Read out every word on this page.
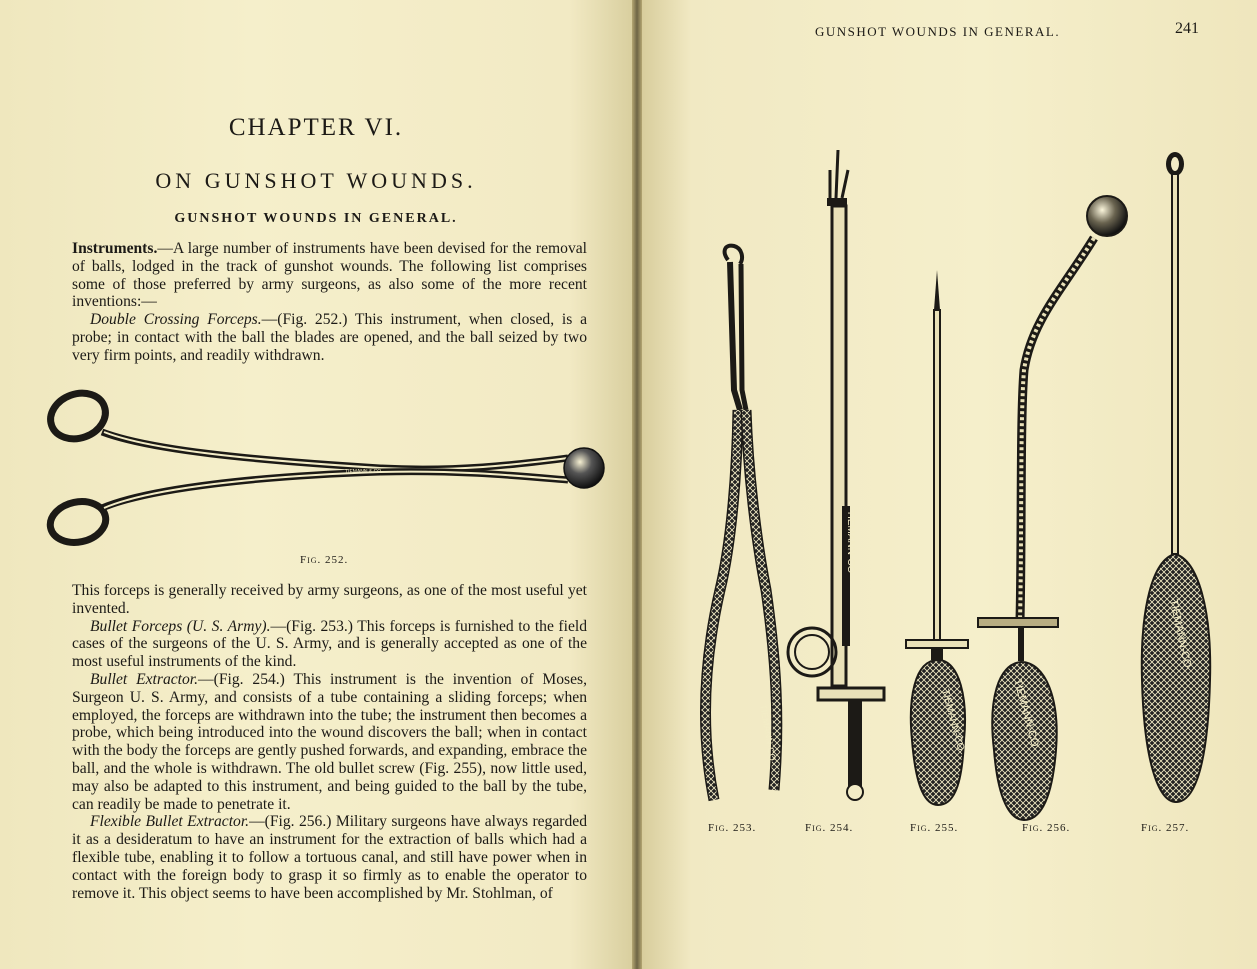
CHAPTER VI.
ON GUNSHOT WOUNDS.
GUNSHOT WOUNDS IN GENERAL.

Instruments.—A large number of instruments have been devised for the removal of balls, lodged in the track of gunshot wounds. The following list comprises some of those preferred by army surgeons, as also some of the more recent inventions:—

Double Crossing Forceps.—(Fig. 252.) This instrument, when closed, is a probe; in contact with the ball the blades are opened, and the ball seized by two very firm points, and readily withdrawn.

TIEMANN & CO
Fig. 252.

This forceps is generally received by army surgeons, as one of the most useful yet invented.

Bullet Forceps (U. S. Army).—(Fig. 253.) This forceps is furnished to the field cases of the surgeons of the U. S. Army, and is generally accepted as one of the most useful instruments of the kind.

Bullet Extractor.—(Fig. 254.) This instrument is the invention of Moses, Surgeon U. S. Army, and consists of a tube containing a sliding forceps; when employed, the forceps are withdrawn into the tube; the instrument then becomes a probe, which being introduced into the wound discovers the ball; when in contact with the body the forceps are gently pushed forwards, and expanding, embrace the ball, and the whole is withdrawn. The old bullet screw (Fig. 255), now little used, may also be adapted to this instrument, and being guided to the ball by the tube, can readily be made to penetrate it.

Flexible Bullet Extractor.—(Fig. 256.) Military surgeons have always regarded it as a desideratum to have an instrument for the extraction of balls which had a flexible tube, enabling it to follow a tortuous canal, and still have power when in contact with the foreign body to grasp it so firmly as to enable the operator to remove it. This object seems to have been accomplished by Mr. Stohlman, of

GUNSHOT WOUNDS IN GENERAL.	241
TIEMANN-CO
TIEMANN-CO
TIEMANN-CO	TIEMANN-CO
TIEMANN-CO
Fig. 253.	Fig. 254.	Fig. 255.	Fig. 256.	Fig. 257.
